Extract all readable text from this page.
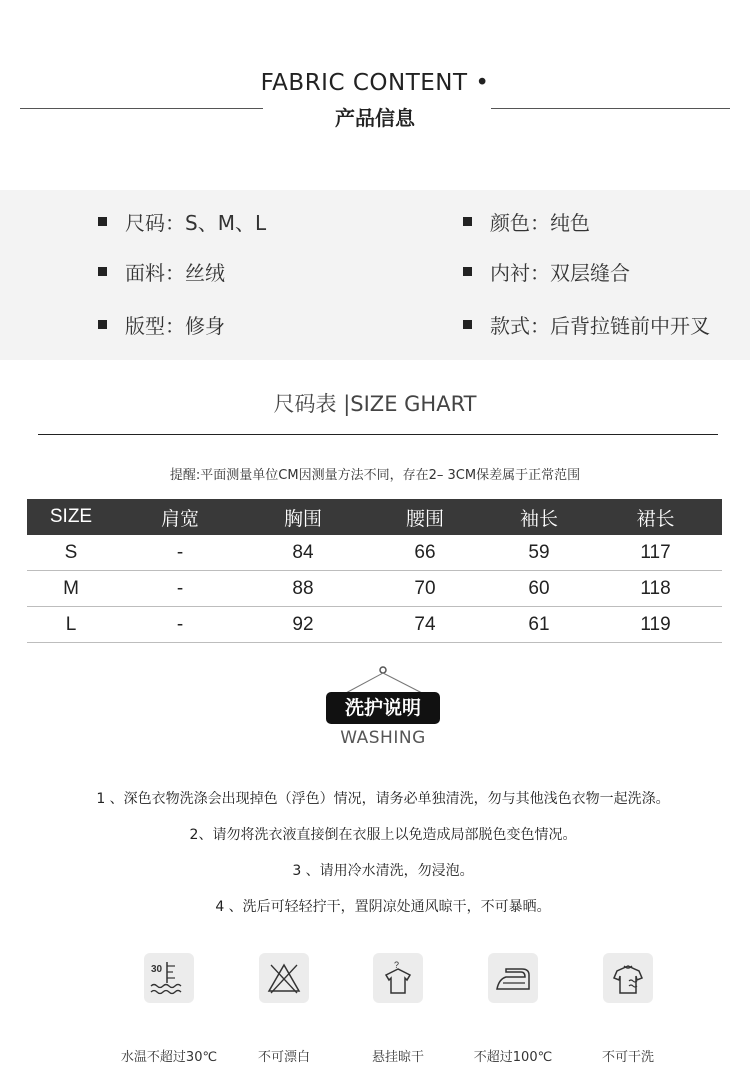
FABRIC CONTENT •
产品信息
尺码：S、M、L	颜色：纯色
面料：丝绒	内衬：双层缝合
版型：修身	款式：后背拉链前中开叉
尺码表 |SIZE GHART
提醒:平面测量单位CM因测量方法不同，存在2– 3CM保差属于正常范围
SIZE	肩宽	胸围	腰围	袖长	裙长
S	-	84	66	59	117
M	-	88	70	60	118
L	-	92	74	61	119
洗护说明
WASHING
1 、深色衣物洗涤会出现掉色（浮色）情况，请务必单独清洗，勿与其他浅色衣物一起洗涤。
2、请勿将洗衣液直接倒在衣服上以免造成局部脱色变色情况。
3 、请用冷水清洗，勿浸泡。
4 、洗后可轻轻拧干，置阴凉处通风晾干，不可暴晒。
30	?
水温不超过30℃	不可漂白	悬挂晾干	不超过100℃	不可干洗
